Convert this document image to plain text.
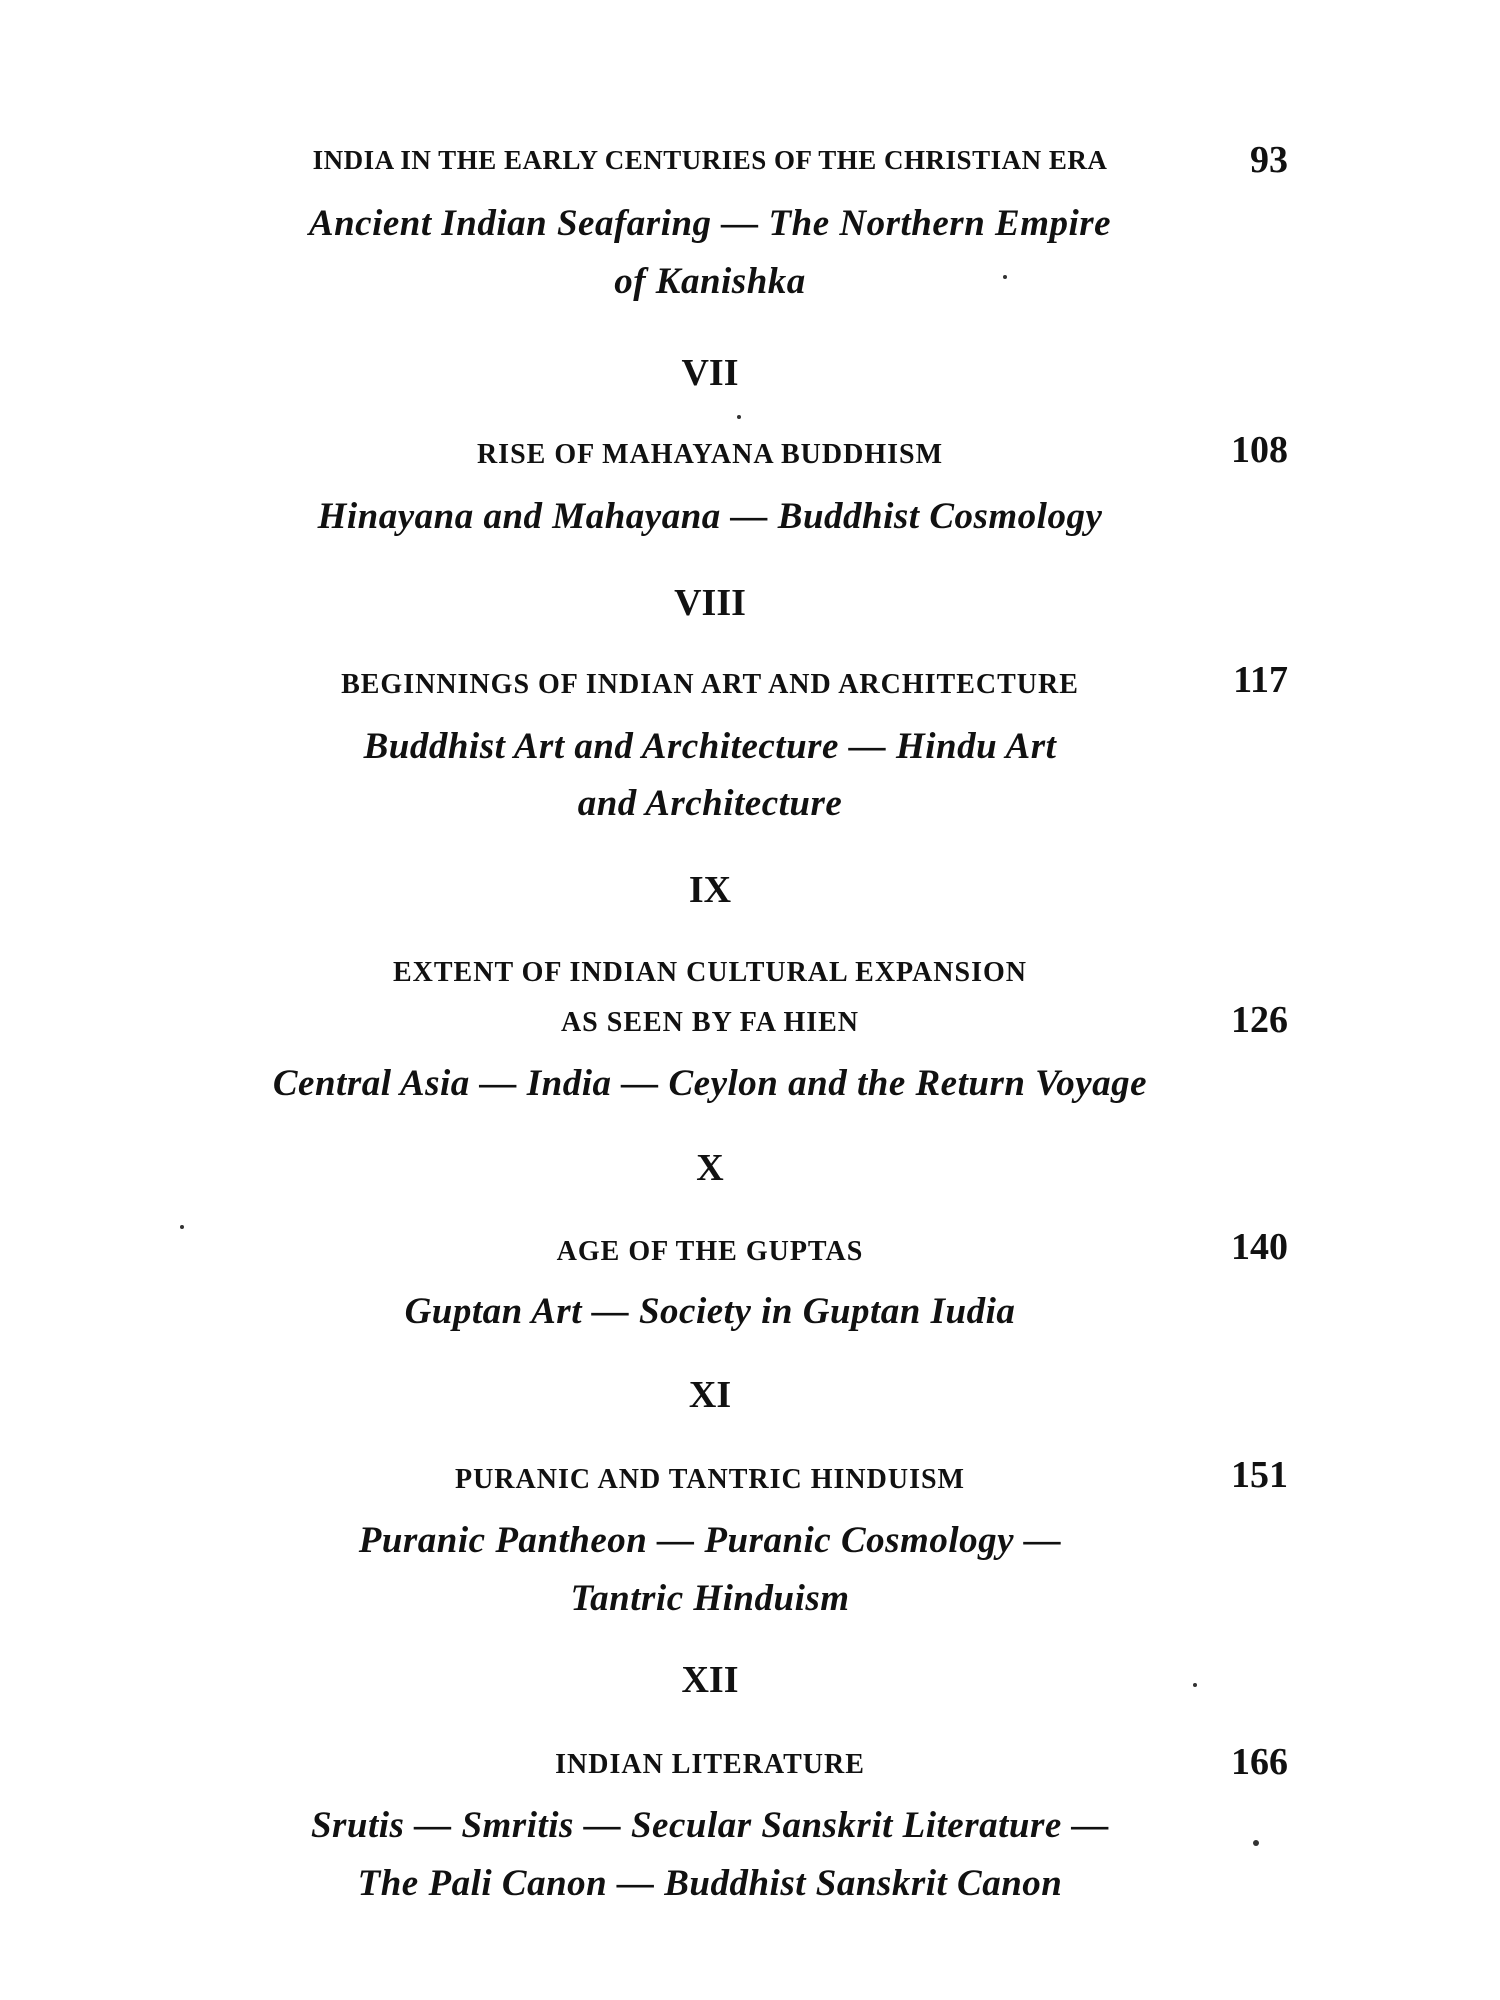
INDIA IN THE EARLY CENTURIES OF THE CHRISTIAN ERA	93
Ancient Indian Seafaring — The Northern Empire
of Kanishka
VII
RISE OF MAHAYANA BUDDHISM	108
Hinayana and Mahayana — Buddhist Cosmology
VIII
BEGINNINGS OF INDIAN ART AND ARCHITECTURE	117
Buddhist Art and Architecture — Hindu Art
and Architecture
IX
EXTENT OF INDIAN CULTURAL EXPANSION
AS SEEN BY FA HIEN	126
Central Asia — India — Ceylon and the Return Voyage
X
AGE OF THE GUPTAS	140
Guptan Art — Society in Guptan Iudia
XI
PURANIC AND TANTRIC HINDUISM	151
Puranic Pantheon — Puranic Cosmology —
Tantric Hinduism
XII
INDIAN LITERATURE	166
Srutis — Smritis — Secular Sanskrit Literature —
The Pali Canon — Buddhist Sanskrit Canon
